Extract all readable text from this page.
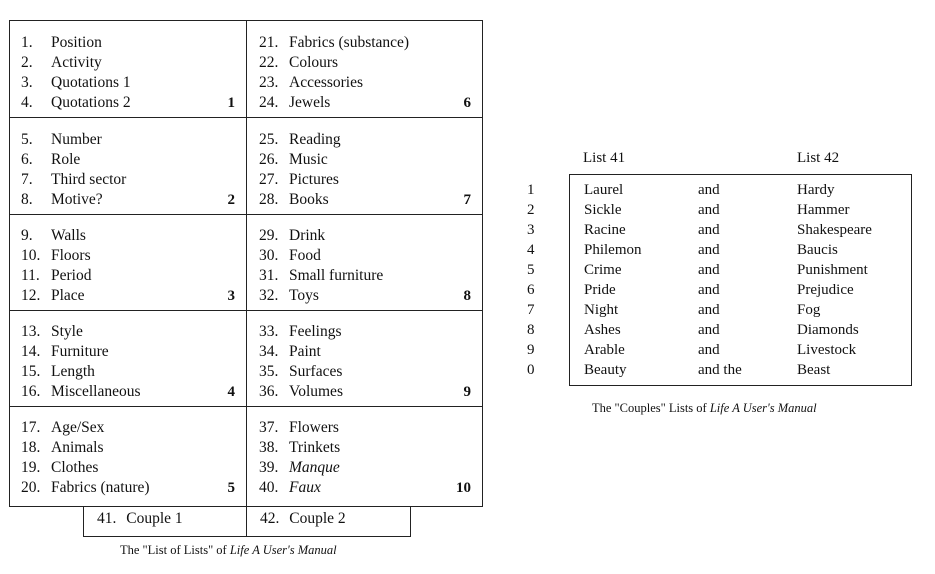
1. Position
2. Activity
3. Quotations 1
4. Quotations 2	1
21. Fabrics (substance)
22. Colours
23. Accessories
24. Jewels	6
5. Number
6. Role
7. Third sector
8. Motive?	2
25. Reading
26. Music
27. Pictures
28. Books	7
9. Walls
10. Floors
11. Period
12. Place	3
29. Drink
30. Food
31. Small furniture
32. Toys	8
13. Style
14. Furniture
15. Length
16. Miscellaneous	4
33. Feelings
34. Paint
35. Surfaces
36. Volumes	9
17. Age/Sex
18. Animals
19. Clothes
20. Fabrics (nature)	5
37. Flowers
38. Trinkets
39. Manque
40. Faux	10
41. Couple 1	42. Couple 2
The "List of Lists" of Life A User's Manual
List 41	List 42
1	Laurel	and	Hardy
2	Sickle	and	Hammer
3	Racine	and	Shakespeare
4	Philemon	and	Baucis
5	Crime	and	Punishment
6	Pride	and	Prejudice
7	Night	and	Fog
8	Ashes	and	Diamonds
9	Arable	and	Livestock
0	Beauty	and the	Beast
The "Couples" Lists of Life A User's Manual
